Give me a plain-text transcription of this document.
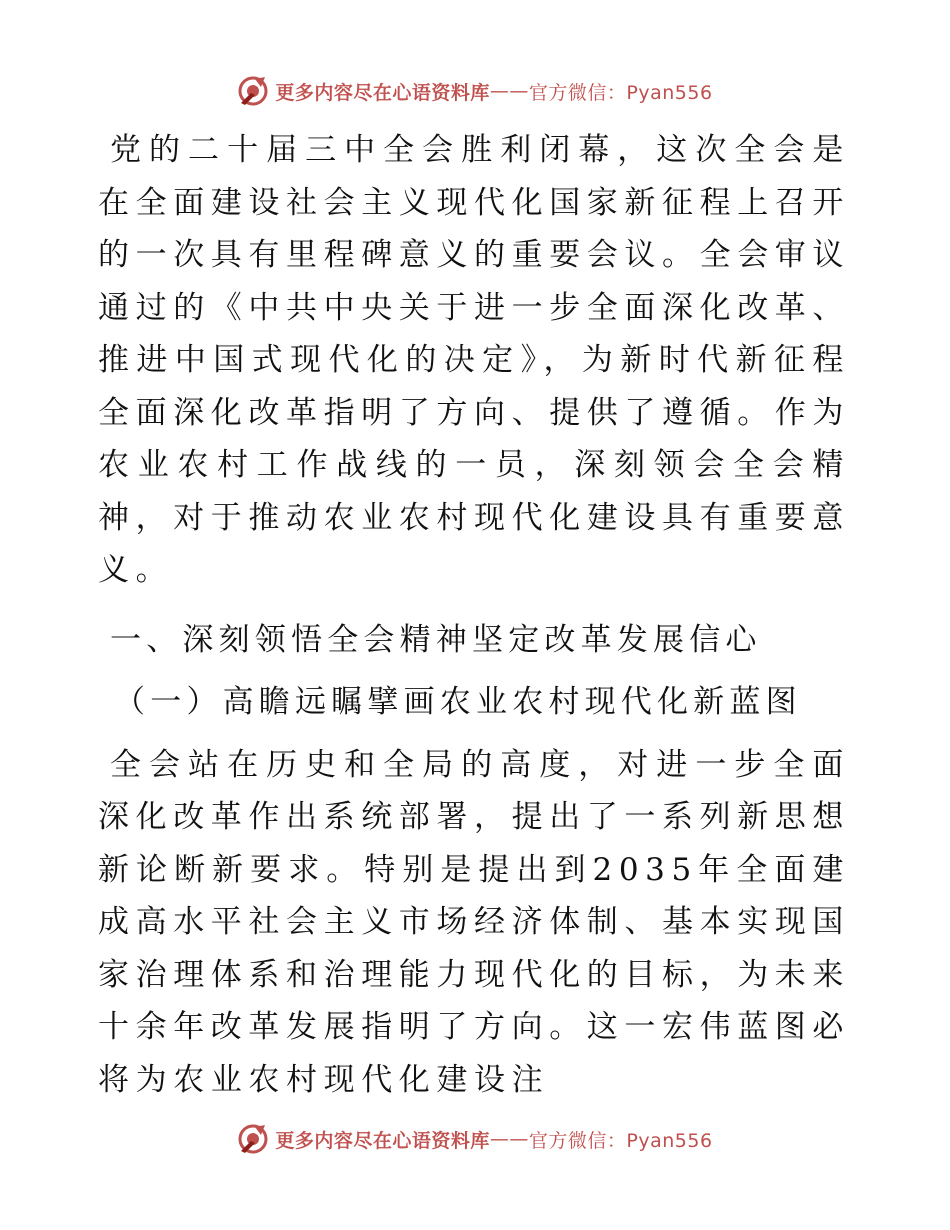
更多内容尽在心语资料库 —— 官方微信：Pyan556

党的二十届三中全会胜利闭幕，这次全会是在全面建设社会主义现代化国家新征程上召开的一次具有里程碑意义的重要会议。全会审议通过的《中共中央关于进一步全面深化改革、推进中国式现代化的决定》，为新时代新征程全面深化改革指明了方向、提供了遵循。作为农业农村工作战线的一员，深刻领会全会精神，对于推动农业农村现代化建设具有重要意义。

一、深刻领悟全会精神坚定改革发展信心

（一）高瞻远瞩擘画农业农村现代化新蓝图

全会站在历史和全局的高度，对进一步全面深化改革作出系统部署，提出了一系列新思想新论断新要求。特别是提出到2035年全面建成高水平社会主义市场经济体制、基本实现国家治理体系和治理能力现代化的目标，为未来十余年改革发展指明了方向。这一宏伟蓝图必将为农业农村现代化建设注

更多内容尽在心语资料库 —— 官方微信：Pyan556
